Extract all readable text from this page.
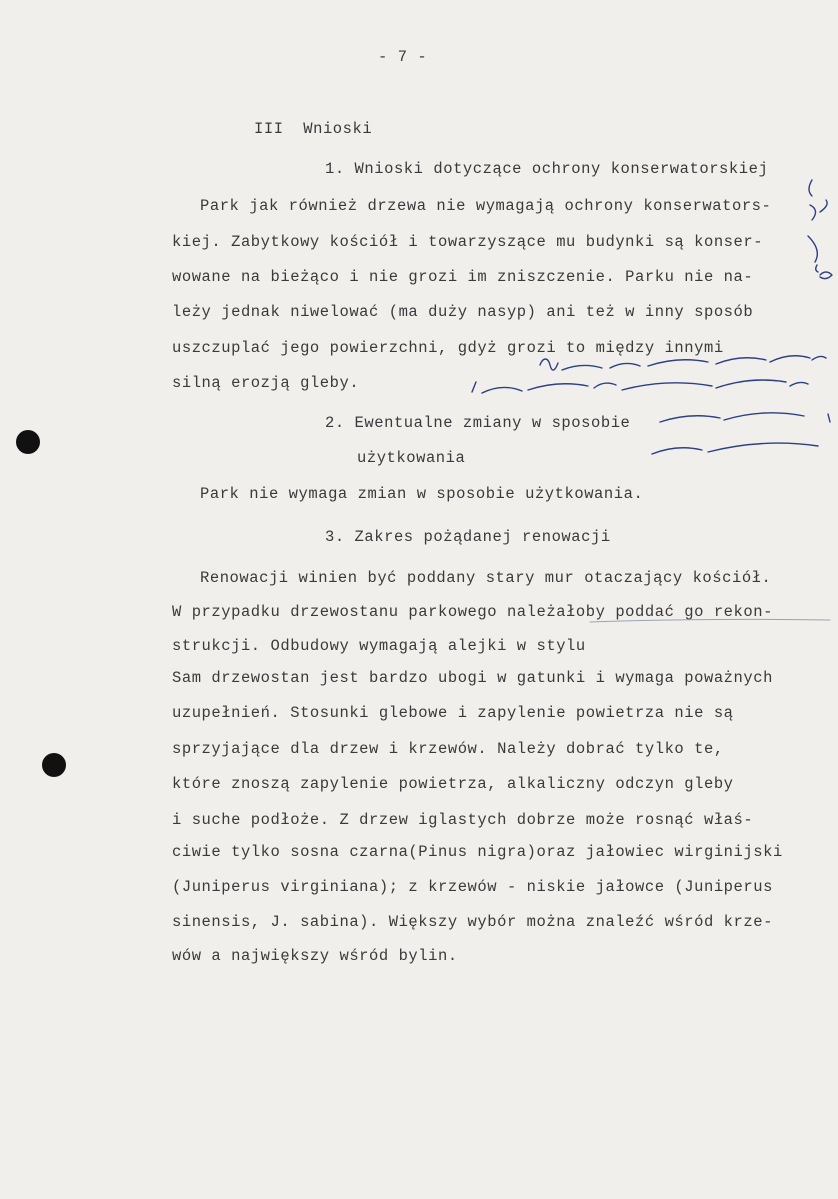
- 7 -
III  Wnioski
1. Wnioski dotyczące ochrony konserwatorskiej
Park jak również drzewa nie wymagają ochrony konserwators-
kiej. Zabytkowy kościół i towarzyszące mu budynki są konser-
wowane na bieżąco i nie grozi im zniszczenie. Parku nie na-
leży jednak niwelować (ma duży nasyp) ani też w inny sposób
uszczuplać jego powierzchni, gdyż grozi to między innymi
silną erozją gleby.
2. Ewentualne zmiany w sposobie
użytkowania
Park nie wymaga zmian w sposobie użytkowania.
3. Zakres pożądanej renowacji
Renowacji winien być poddany stary mur otaczający kościół.
W przypadku drzewostanu parkowego należałoby poddać go rekon-
strukcji. Odbudowy wymagają alejki w stylu
Sam drzewostan jest bardzo ubogi w gatunki i wymaga poważnych
uzupełnień. Stosunki glebowe i zapylenie powietrza nie są
sprzyjające dla drzew i krzewów. Należy dobrać tylko te,
które znoszą zapylenie powietrza, alkaliczny odczyn gleby
i suche podłoże. Z drzew iglastych dobrze może rosnąć właś-
ciwie tylko sosna czarna(Pinus nigra)oraz jałowiec wirginijski
(Juniperus virginiana); z krzewów - niskie jałowce (Juniperus
sinensis, J. sabina). Większy wybór można znaleźć wśród krze-
wów a największy wśród bylin.
